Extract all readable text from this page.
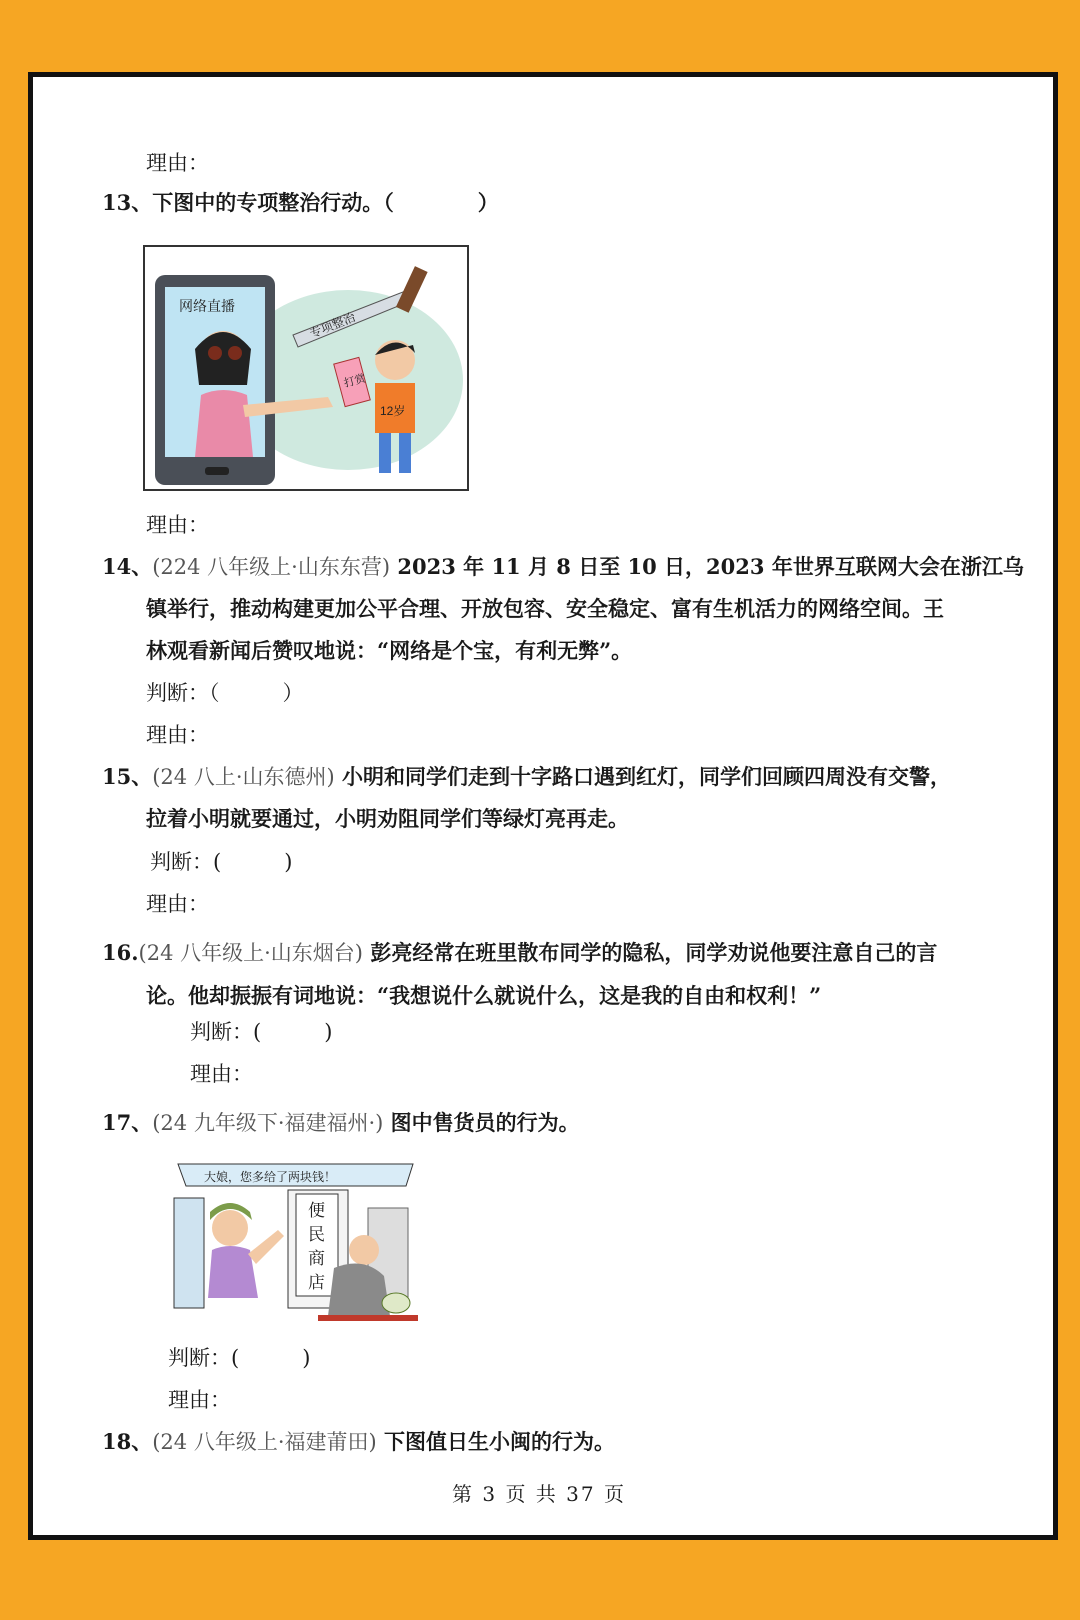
理由：
13、下图中的专项整治行动。（　　　　）
网络直播
专项整治
打赏
12岁
理由：
14、(224 八年级上·山东东营) 2023 年 11 月 8 日至 10 日，2023 年世界互联网大会在浙江乌
镇举行，推动构建更加公平合理、开放包容、安全稳定、富有生机活力的网络空间。王
林观看新闻后赞叹地说：“网络是个宝，有利无弊”。
判断：（　　　）
理由：
15、(24 八上·山东德州) 小明和同学们走到十字路口遇到红灯，同学们回顾四周没有交警，
拉着小明就要通过，小明劝阻同学们等绿灯亮再走。
判断：(　　　)
理由：
16.(24 八年级上·山东烟台) 彭亮经常在班里散布同学的隐私，同学劝说他要注意自己的言
论。他却振振有词地说：“我想说什么就说什么，这是我的自由和权利！”
判断：(　　　)
理由：
17、(24 九年级下·福建福州·) 图中售货员的行为。
大娘，您多给了两块钱！
便
民
商
店
判断：(　　　)
理由：
18、(24 八年级上·福建莆田) 下图值日生小闽的行为。
第 3 页 共 37 页
